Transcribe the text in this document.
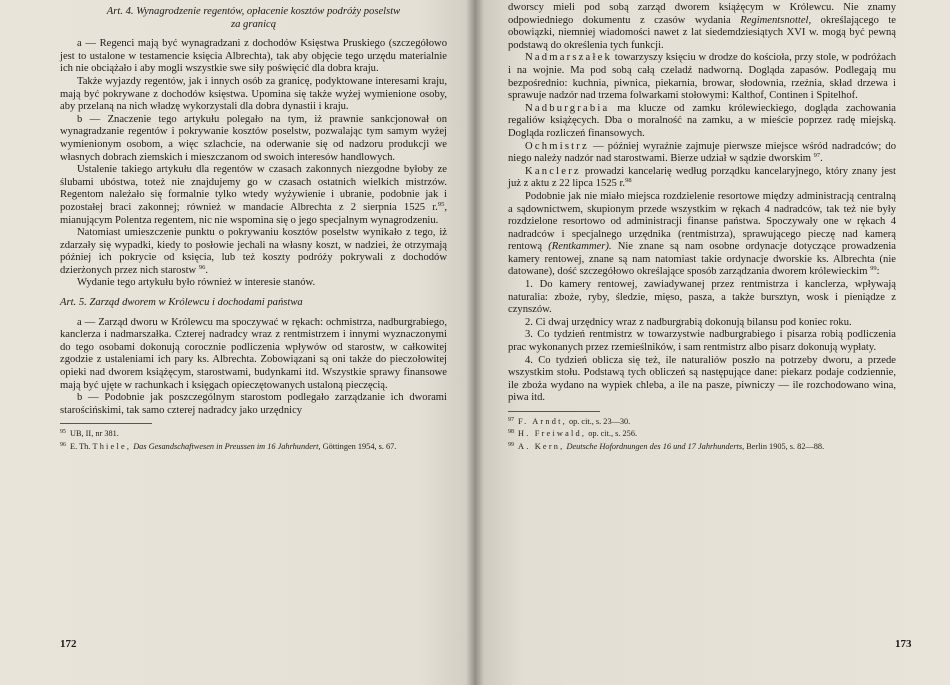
Art. 4. Wynagrodzenie regentów, opłacenie kosztów podróży poselstw
za granicą

a — Regenci mają być wynagradzani z dochodów Księstwa Pruskiego (szczegółowo jest to ustalone w testamencie księcia Albrechta), tak aby objęcie tego urzędu materialnie ich nie obciążało i aby mogli wszystkie swe siły poświęcić dla dobra kraju.

Także wyjazdy regentów, jak i innych osób za granicę, podyktowane interesami kraju, mają być pokrywane z dochodów księstwa. Upomina się także wyżej wymienione osoby, aby przelaną na nich władzę wykorzystali dla dobra dynastii i kraju.

b — Znaczenie tego artykułu polegało na tym, iż prawnie sankcjonował on wynagradzanie regentów i pokrywanie kosztów poselstw, pozwalając tym samym wyżej wymienionym osobom, a więc szlachcie, na oderwanie się od nadzoru produkcji we własnych dobrach ziemskich i mieszczanom od swoich interesów handlowych.

Ustalenie takiego artykułu dla regentów w czasach zakonnych niezgodne byłoby ze ślubami ubóstwa, toteż nie znajdujemy go w czasach ostatnich wielkich mistrzów. Regentom należało się formalnie tylko wtedy wyżywienie i ubranie, podobnie jak i pozostałej braci zakonnej; również w mandacie Albrechta z 2 sierpnia 1525 r.$^{95}$, mianującym Polentza regentem, nic nie wspomina się o jego specjalnym wynagrodzeniu.

Natomiast umieszczenie punktu o pokrywaniu kosztów poselstw wynikało z tego, iż zdarzały się wypadki, kiedy to posłowie jechali na własny koszt, w nadziei, że otrzymają później ich pokrycie od księcia, lub też koszty podróży pokrywali z dochodów dzierżonych przez nich starostw $^{96}$.

Wydanie tego artykułu było również w interesie stanów.

Art. 5. Zarząd dworem w Królewcu i dochodami państwa

a — Zarząd dworu w Królewcu ma spoczywać w rękach: ochmistrza, nadburgrabiego, kanclerza i nadmarszałka. Czterej nadradcy wraz z rentmistrzem i innymi wyznaczonymi do tego osobami dokonują corocznie podliczenia wpływów od starostw, w całkowitej zgodzie z ustaleniami ich pary ks. Albrechta. Zobowiązani są oni także do pieczołowitej opieki nad dworem książęcym, starostwami, budynkami itd. Wszystkie sprawy finansowe mają być ujęte w rachunkach i księgach opieczętowanych ustaloną pieczęcią.

b — Podobnie jak poszczególnym starostom podlegało zarządzanie ich dworami starościńskimi, tak samo czterej nadradcy jako urzędnicy

$^{95}$ UB, II, nr 381.

$^{96}$ E. Th. Thiele, Das Gesandschaftwesen in Preussen im 16 Jahrhundert, Göttingen 1954, s. 67.

172

dworscy mieli pod sobą zarząd dworem książęcym w Królewcu. Nie znamy odpowiedniego dokumentu z czasów wydania Regimentsnottel, określającego te obowiązki, niemniej wiadomości nawet z lat siedemdziesiątych XVI w. mogą być pewną podstawą do określenia tych funkcji.

Nadmarszałek towarzyszy księciu w drodze do kościoła, przy stole, w podróżach i na wojnie. Ma pod sobą całą czeladź nadworną. Dogląda zapasów. Podlegają mu bezpośrednio: kuchnia, piwnica, piekarnia, browar, słodownia, rzeźnia, skład drzewa i sprawuje nadzór nad trzema folwarkami stołowymi: Kalthof, Continen i Spitelhof.

Nadburgrabia ma klucze od zamku królewieckiego, dogląda zachowania regaliów książęcych. Dba o moralność na zamku, a w mieście poprzez radę miejską. Dogląda rozliczeń finansowych.

Ochmistrz — później wyraźnie zajmuje pierwsze miejsce wśród nadradców; do niego należy nadzór nad starostwami. Bierze udział w sądzie dworskim $^{97}$.

Kanclerz prowadzi kancelarię według porządku kancelaryjnego, który znany jest już z aktu z 22 lipca 1525 r.$^{98}$

Podobnie jak nie miało miejsca rozdzielenie resortowe między administracją centralną a sądownictwem, skupionym przede wszystkim w rękach 4 nadradców, tak też nie były rozdzielone resortowo od administracji finanse państwa. Spoczywały one w rękach 4 nadradców i specjalnego urzędnika (rentmistrza), sprawującego pieczę nad kamerą rentową (Rentkammer). Nie znane są nam osobne ordynacje dotyczące prowadzenia kamery rentowej, znane są nam natomiast takie ordynacje dworskie ks. Albrechta (nie datowane), dość szczegółowo określające sposób zarządzania dworem królewieckim $^{99}$:

1. Do kamery rentowej, zawiadywanej przez rentmistrza i kanclerza, wpływają naturalia: zboże, ryby, śledzie, mięso, pasza, a także bursztyn, wosk i pieniądze z czynszów.

2. Ci dwaj urzędnicy wraz z nadburgrabią dokonują bilansu pod koniec roku.

3. Co tydzień rentmistrz w towarzystwie nadburgrabiego i pisarza robią podliczenia prac wykonanych przez rzemieślników, i sam rentmistrz albo pisarz dokonują wypłaty.

4. Co tydzień oblicza się też, ile naturaliów poszło na potrzeby dworu, a przede wszystkim stołu. Podstawą tych obliczeń są następujące dane: piekarz podaje codziennie, ile zboża wydano na wypiek chleba, a ile na pasze, piwniczy — ile rozchodowano wina, piwa itd.

$^{97}$ F. Arndt, op. cit., s. 23—30.

$^{98}$ H. Freiwald, op. cit., s. 256.

$^{99}$ A. Kern, Deutsche Hofordnungen des 16 und 17 Jahrhunderts, Berlin 1905, s. 82—88.

173
